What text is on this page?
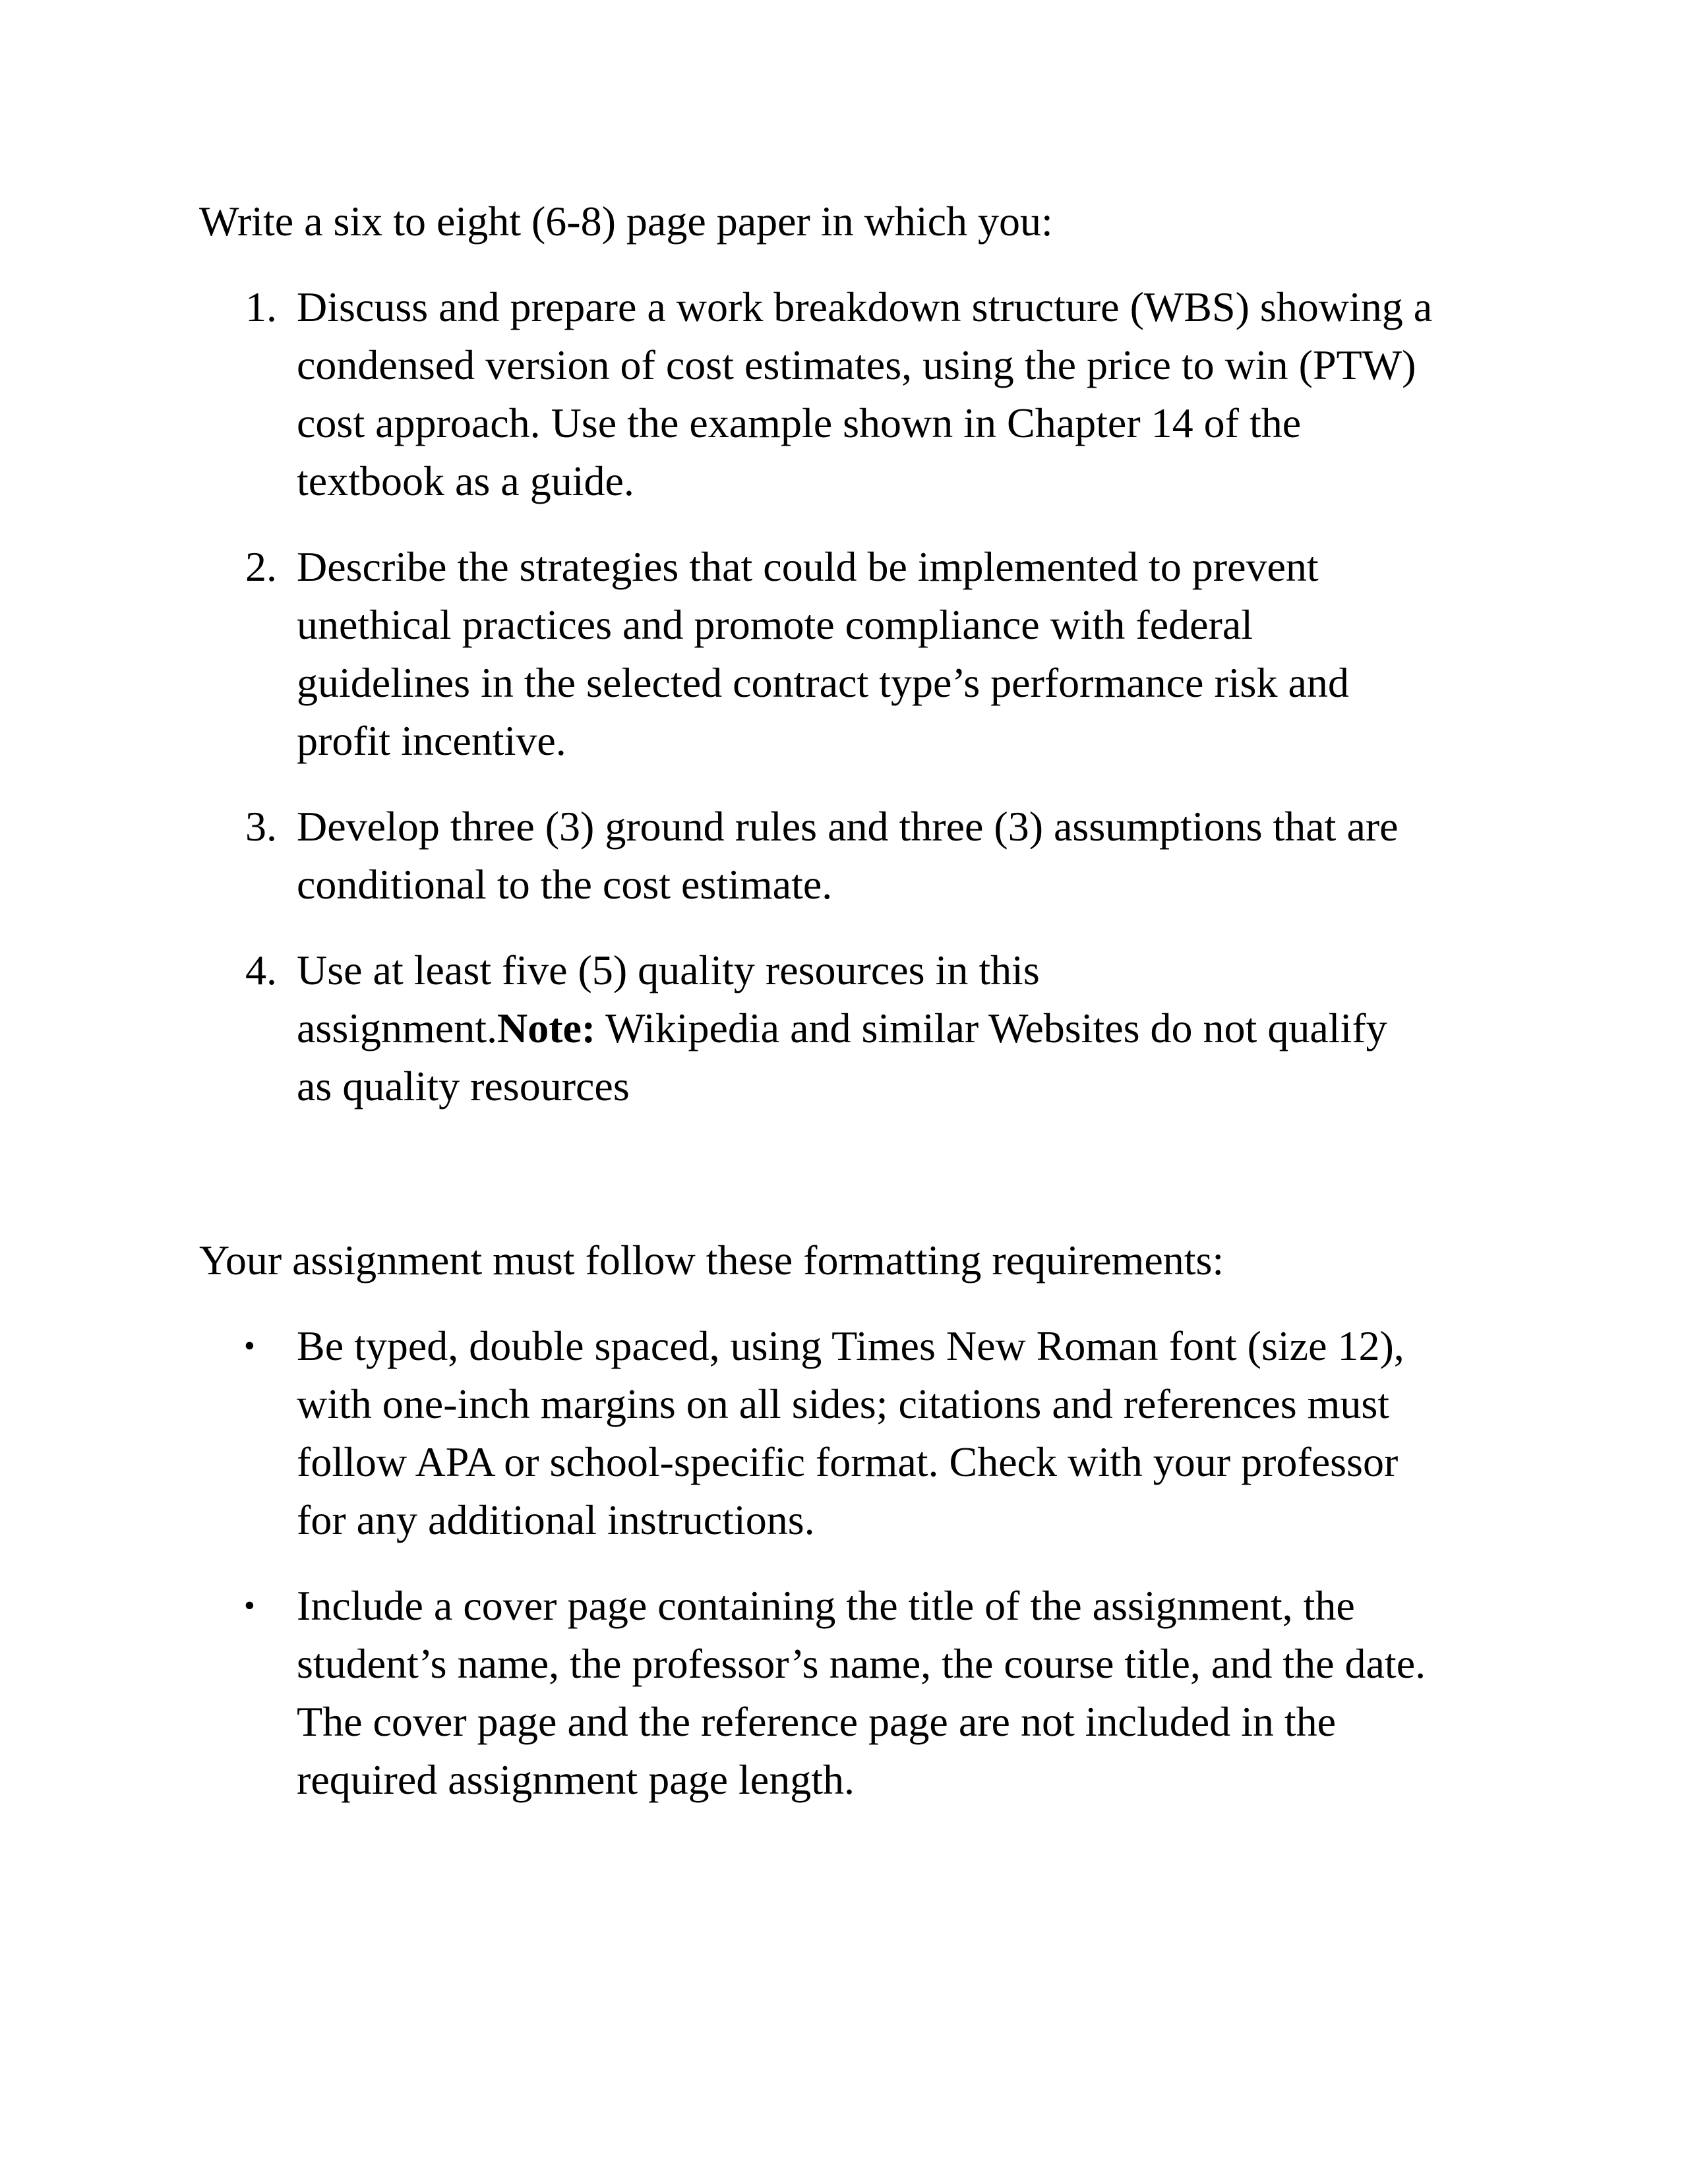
Write a six to eight (6-8) page paper in which you:

1. Discuss and prepare a work breakdown structure (WBS) showing a
condensed version of cost estimates, using the price to win (PTW)
cost approach. Use the example shown in Chapter 14 of the
textbook as a guide.
2. Describe the strategies that could be implemented to prevent
unethical practices and promote compliance with federal
guidelines in the selected contract type’s performance risk and
profit incentive.
3. Develop three (3) ground rules and three (3) assumptions that are
conditional to the cost estimate.
4. Use at least five (5) quality resources in this
assignment.Note: Wikipedia and similar Websites do not qualify
as quality resources

Your assignment must follow these formatting requirements:

• Be typed, double spaced, using Times New Roman font (size 12),
with one-inch margins on all sides; citations and references must
follow APA or school-specific format. Check with your professor
for any additional instructions.
• Include a cover page containing the title of the assignment, the
student’s name, the professor’s name, the course title, and the date.
The cover page and the reference page are not included in the
required assignment page length.
